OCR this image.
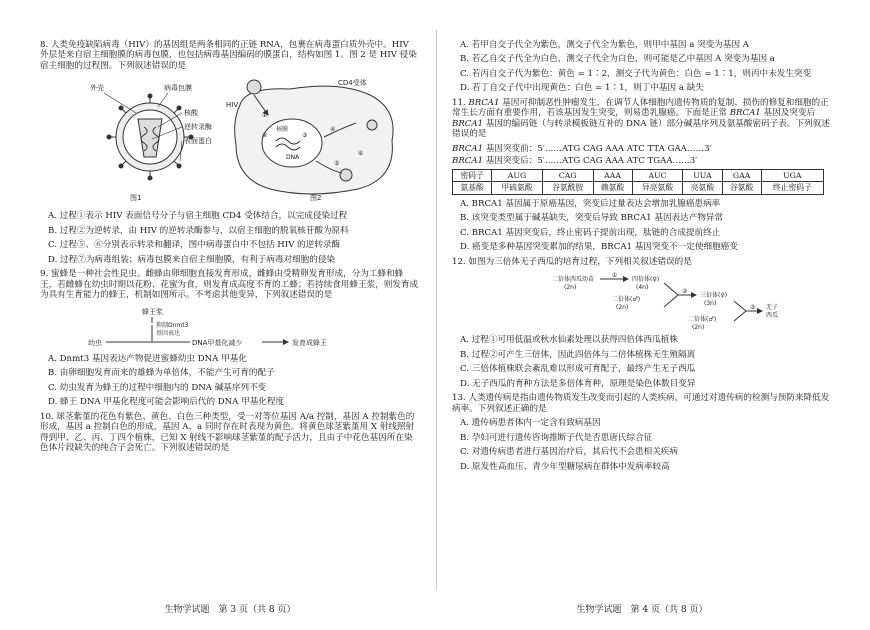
8. 人类免疫缺陷病毒（HIV）的基因组是两条相同的正链 RNA，包裹在病毒蛋白质外壳中。HIV 外层是来自宿主细胞膜的病毒包膜，也包括病毒基因编码的膜蛋白，结构如图 1。图 2 是 HIV 侵染宿主细胞的过程图。下列叙述错误的是

外壳	病毒包膜
核酸
逆转录酶
表面蛋白
图1
CD4受体
HIV
核膜
DNA
①
②	③
④
⑤
⑥
图2

A. 过程①表示 HIV 表面信号分子与宿主细胞 CD4 受体结合，以完成侵染过程

B. 过程②为逆转录，由 HIV 的逆转录酶参与，以宿主细胞的脱氧核苷酸为原料

C. 过程⑤、⑥分别表示转录和翻译，图中病毒蛋白中不包括 HIV 的逆转录酶

D. 过程⑦为病毒组装；病毒包膜来自宿主细胞膜，有利于病毒对细胞的侵染

9. 蜜蜂是一种社会性昆虫。雌蜂由卵细胞直接发育形成，雌蜂由受精卵发育形成，分为工蜂和蜂王，若雌蜂在幼虫时期以花粉、花蜜为食，则发育成高度不育的工蜂；若持续食用蜂王浆，则发育成为具有生育能力的蜂王，机制如图所示。不考虑其他变异，下列叙述错误的是

蜂王浆
抑制Dnmt3
基因表达
幼虫	DNA甲基化减少	发育成蜂王

A. Dnmt3 基因表达产物促进蜜蜂幼虫 DNA 甲基化

B. 由卵细胞发育而来的雄蜂为单倍体，不能产生可育的配子

C. 幼虫发育为蜂王的过程中细胞内的 DNA 碱基序列不变

D. 蜂王 DNA 甲基化程度可能会影响后代的 DNA 甲基化程度

10. 球茎紫堇的花色有紫色、黄色、白色三种类型，受一对等位基因 A/a 控制，基因 A 控制紫色的形成，基因 a 控制白色的形成，基因 A、a 同时存在时表现为黄色。将黄色球茎紫堇用 X 射线照射得到甲、乙、丙、丁四个植株，已知 X 射线不影响球茎紫堇的配子活力，且由子中花色基因所在染色体片段缺失的纯合子会死亡。下列叙述错误的是

A. 若甲自交子代全为紫色，测交子代全为紫色，则甲中基因 a 突变为基因 A

B. 若乙自交子代全为白色，测交子代全为白色，则可能是乙中基因 A 突变为基因 a

C. 若丙自交子代为紫色：黄色 = 1∶2，测交子代为黄色：白色 = 1∶1，则丙中未发生突变

D. 若丁自交子代中出现黄色：白色 = 1∶1，则丁中基因 a 缺失

11. BRCA1 基因可抑制恶性肿瘤发生，在调节人体细胞内遗传物质的复制、损伤的修复和细胞的正常生长方面有重要作用，若该基因发生突变，则易患乳腺癌。下面是正常 BRCA1 基因及突变后 BRCA1 基因的编码链（与转录模板链互补的 DNA 链）部分碱基序列及氨基酸密码子表。下列叙述错误的是

BRCA1 基因突变前：5′……ATG CAG AAA ATC TTA GAA……3′

BRCA1 基因突变后：5′……ATG CAG AAA ATC TGAA……3′

密码子	AUG	CAG	AAA	AUC	UUA	GAA	UGA
氨基酸	甲硫氨酸	谷氨酰胺	赖氨酸	异亮氨酸	亮氨酸	谷氨酸	终止密码子

A. BRCA1 基因属于原癌基因，突变后过量表达会增加乳腺癌患病率

B. 该突变类型属于碱基缺失，突变后导致 BRCA1 基因表达产物异常

C. BRCA1 基因突变后，终止密码子提前出现，肽链的合成提前终止

D. 癌变是多种基因突变累加的结果，BRCA1 基因突变不一定使细胞癌变

12. 如图为三倍体无子西瓜的培育过程，下列相关叙述错误的是

二倍体西瓜幼苗
(2n)
①
四倍体(♀)
(4n)
二倍体(♂)
(2n)
②
三倍体(♀)
(3n)
二倍体(♂)
(2n)
③ 无子
西瓜

A. 过程①可用低温或秋水仙素处理以获得四倍体西瓜植株

B. 过程②可产生三倍体，因此四倍体与二倍体植株无生殖隔离

C. 三倍体植株联会紊乱难以形成可育配子，最终产生无子西瓜

D. 无子西瓜的育种方法是多倍体育种，原理是染色体数目变异

13. 人类遗传病是指由遗传物质发生改变而引起的人类疾病，可通过对遗传病的检测与预防来降低发病率。下列叙述正确的是

A. 遗传病患者体内一定含有致病基因

B. 孕妇可进行遗传咨询推断子代是否患唐氏综合征

C. 对遗传病患者进行基因治疗后，其后代不会患相关疾病

D. 原发性高血压、青少年型糖尿病在群体中发病率较高

生物学试题　第 3 页（共 8 页）	生物学试题　第 4 页（共 8 页）
